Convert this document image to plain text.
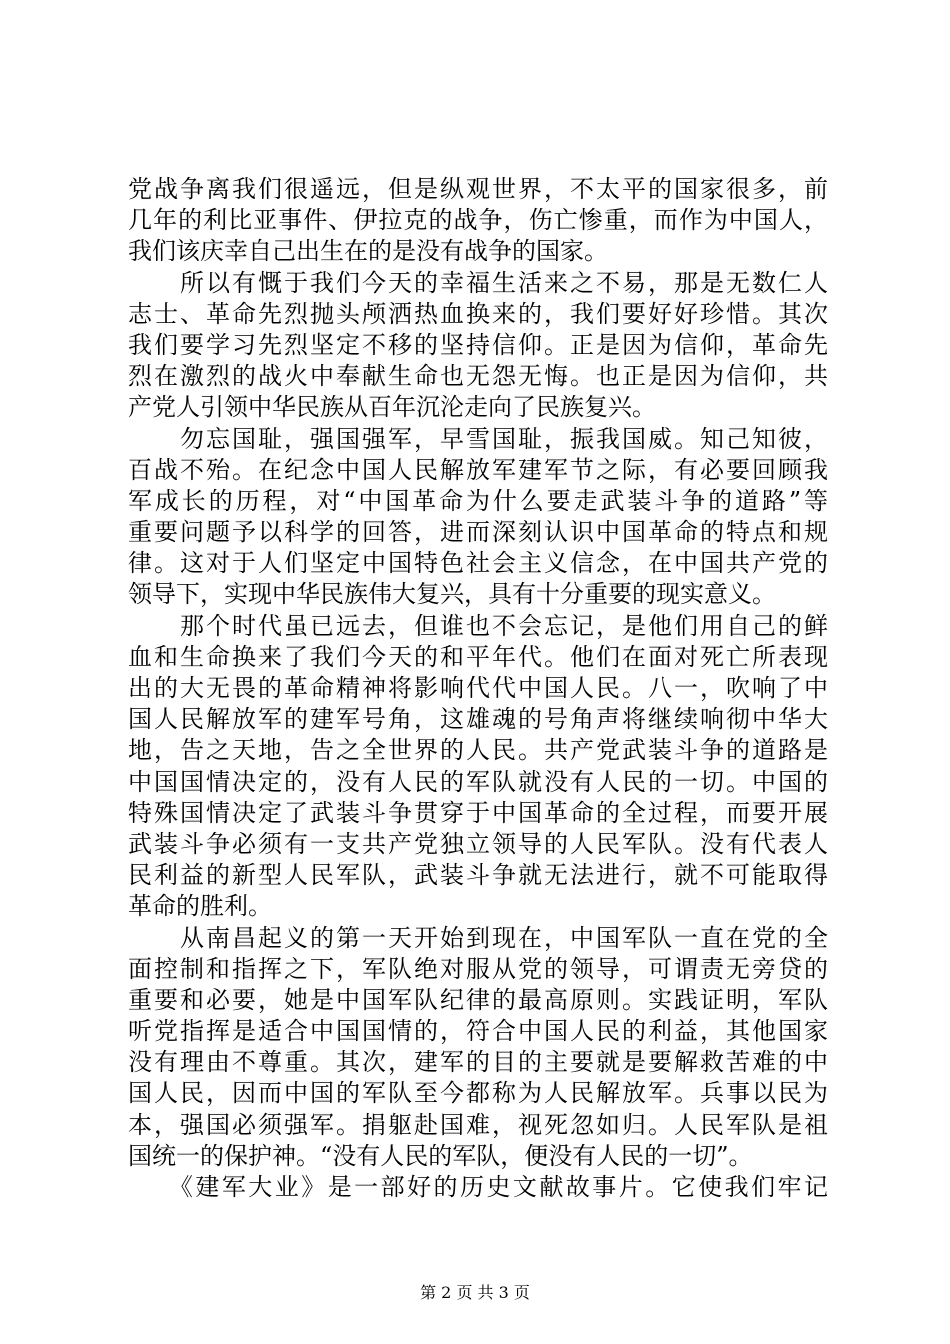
党战争离我们很遥远，但是纵观世界，不太平的国家很多，前
几年的利比亚事件、伊拉克的战争，伤亡惨重，而作为中国人，
我们该庆幸自己出生在的是没有战争的国家。
　　所以有慨于我们今天的幸福生活来之不易，那是无数仁人
志士、革命先烈抛头颅洒热血换来的，我们要好好珍惜。其次
我们要学习先烈坚定不移的坚持信仰。正是因为信仰，革命先
烈在激烈的战火中奉献生命也无怨无悔。也正是因为信仰，共
产党人引领中华民族从百年沉沦走向了民族复兴。
　　勿忘国耻，强国强军，早雪国耻，振我国威。知己知彼，
百战不殆。在纪念中国人民解放军建军节之际，有必要回顾我
军成长的历程，对“中国革命为什么要走武装斗争的道路”等
重要问题予以科学的回答，进而深刻认识中国革命的特点和规
律。这对于人们坚定中国特色社会主义信念，在中国共产党的
领导下，实现中华民族伟大复兴，具有十分重要的现实意义。
　　那个时代虽已远去，但谁也不会忘记，是他们用自己的鲜
血和生命换来了我们今天的和平年代。他们在面对死亡所表现
出的大无畏的革命精神将影响代代中国人民。八一，吹响了中
国人民解放军的建军号角，这雄魂的号角声将继续响彻中华大
地，告之天地，告之全世界的人民。共产党武装斗争的道路是
中国国情决定的，没有人民的军队就没有人民的一切。中国的
特殊国情决定了武装斗争贯穿于中国革命的全过程，而要开展
武装斗争必须有一支共产党独立领导的人民军队。没有代表人
民利益的新型人民军队，武装斗争就无法进行，就不可能取得
革命的胜利。
　　从南昌起义的第一天开始到现在，中国军队一直在党的全
面控制和指挥之下，军队绝对服从党的领导，可谓责无旁贷的
重要和必要，她是中国军队纪律的最高原则。实践证明，军队
听党指挥是适合中国国情的，符合中国人民的利益，其他国家
没有理由不尊重。其次，建军的目的主要就是要解救苦难的中
国人民，因而中国的军队至今都称为人民解放军。兵事以民为
本，强国必须强军。捐躯赴国难，视死忽如归。人民军队是祖
国统一的保护神。“没有人民的军队，便没有人民的一切”。
　　《建军大业》是一部好的历史文献故事片。它使我们牢记
第 2 页 共 3 页
